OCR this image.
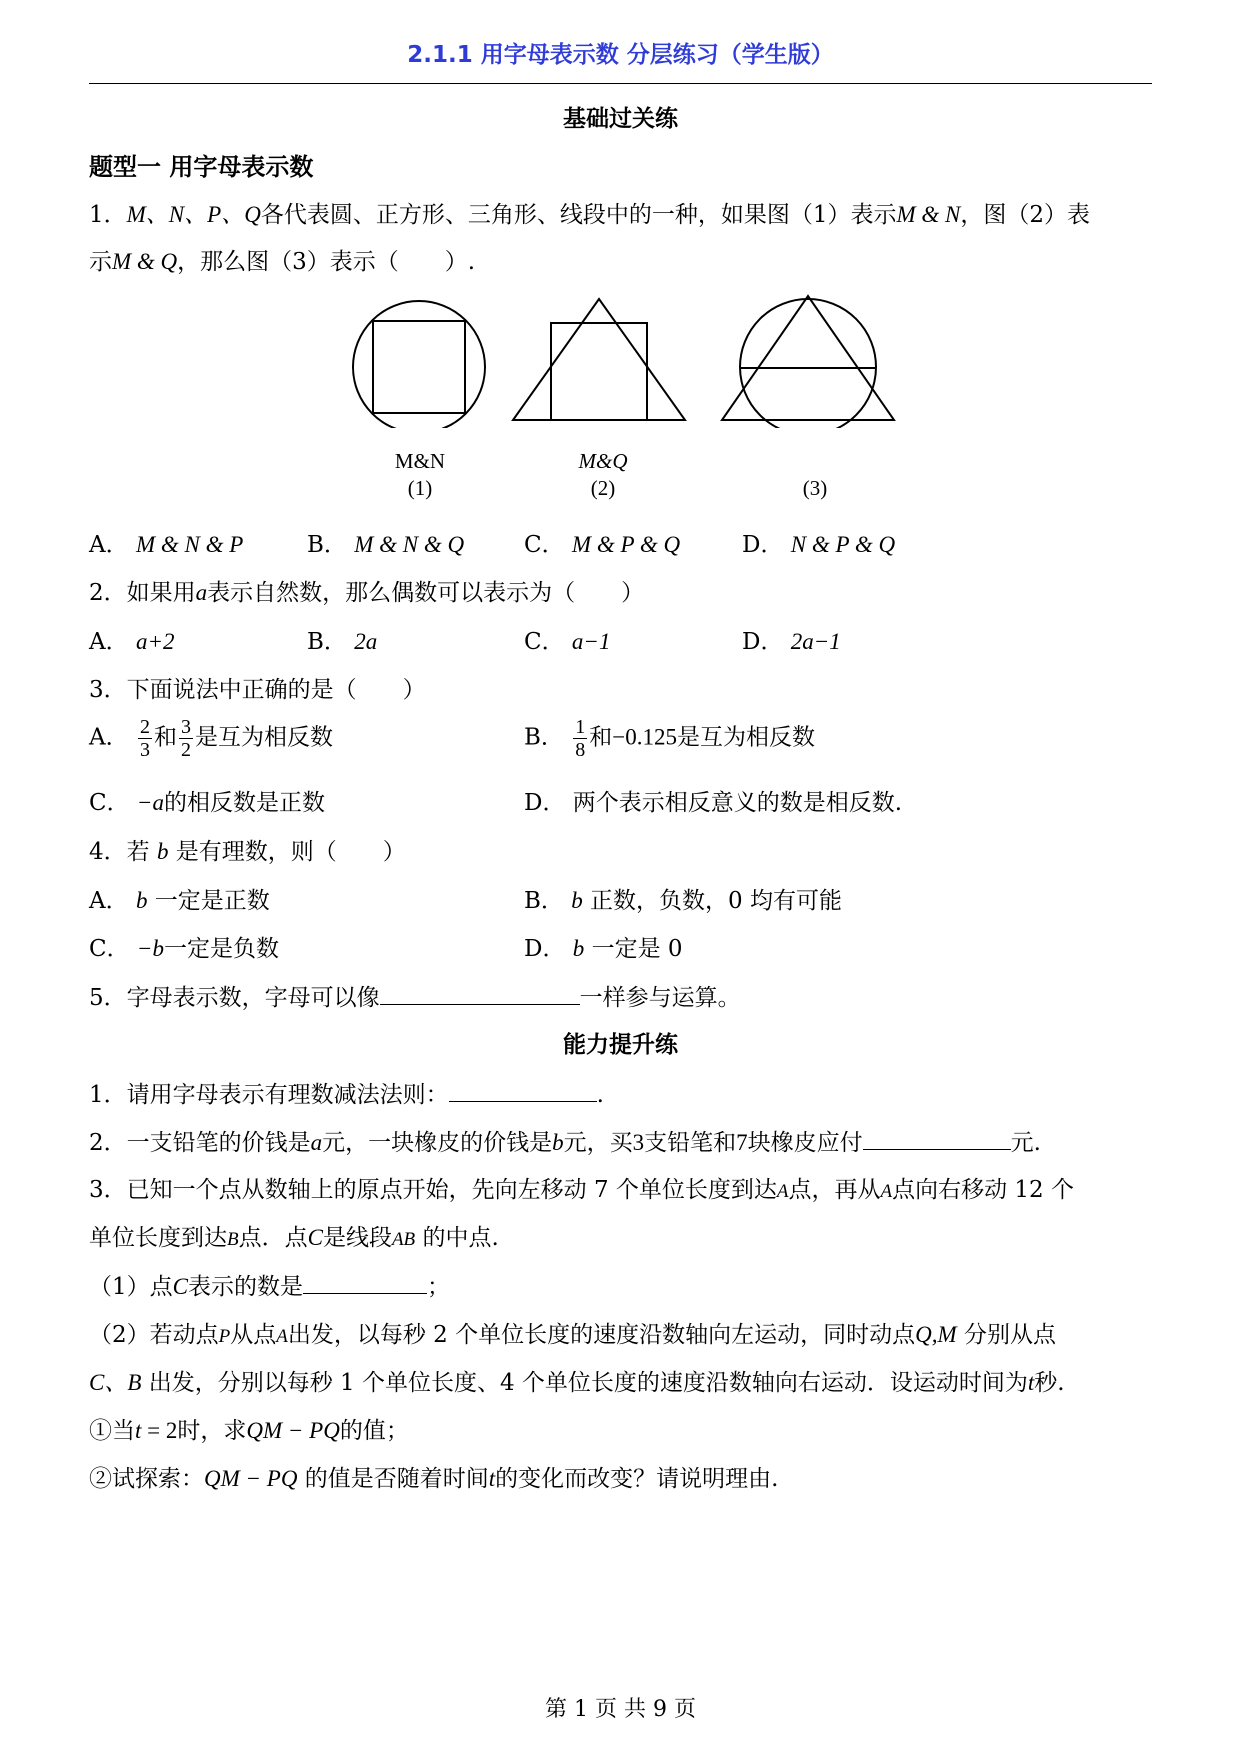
2.1.1 用字母表示数 分层练习（学生版）
基础过关练
题型一 用字母表示数
1．M、N、P、Q各代表圆、正方形、三角形、线段中的一种，如果图（1）表示M & N，图（2）表
示M & Q，那么图（3）表示（　　）.
M&N
(1)
M&Q
(2)	(3)
A． M & N & P	B． M & N & Q	C． M & P & Q	D． N & P & Q
2．如果用a表示自然数，那么偶数可以表示为（　　）
A． a+2	B． 2a	C． a−1	D． 2a−1
3．下面说法中正确的是（　　）
A． $\frac{2}{3}$ 和 $\frac{3}{2}$ 是互为相反数	B． $\frac{1}{8}$ 和−0.125是互为相反数
C． −a的相反数是正数	D． 两个表示相反意义的数是相反数.
4．若 b 是有理数，则（　　）
A． b 一定是正数	B． b 正数，负数，0 均有可能
C． −b一定是负数	D． b 一定是 0
5．字母表示数，字母可以像	一样参与运算。
能力提升练
1．请用字母表示有理数减法法则：	.
2．一支铅笔的价钱是a元，一块橡皮的价钱是b元，买3支铅笔和7块橡皮应付	元.
3．已知一个点从数轴上的原点开始，先向左移动 7 个单位长度到达A点，再从A点向右移动 12 个
单位长度到达B点．点C是线段AB 的中点.
（1）点C表示的数是	；
（2）若动点P从点A出发，以每秒 2 个单位长度的速度沿数轴向左运动，同时动点Q,M 分别从点
C、B 出发，分别以每秒 1 个单位长度、4 个单位长度的速度沿数轴向右运动．设运动时间为t秒.
①当t = 2时，求QM − PQ的值；
②试探索：QM − PQ 的值是否随着时间t的变化而改变？请说明理由.
第 1 页 共 9 页
